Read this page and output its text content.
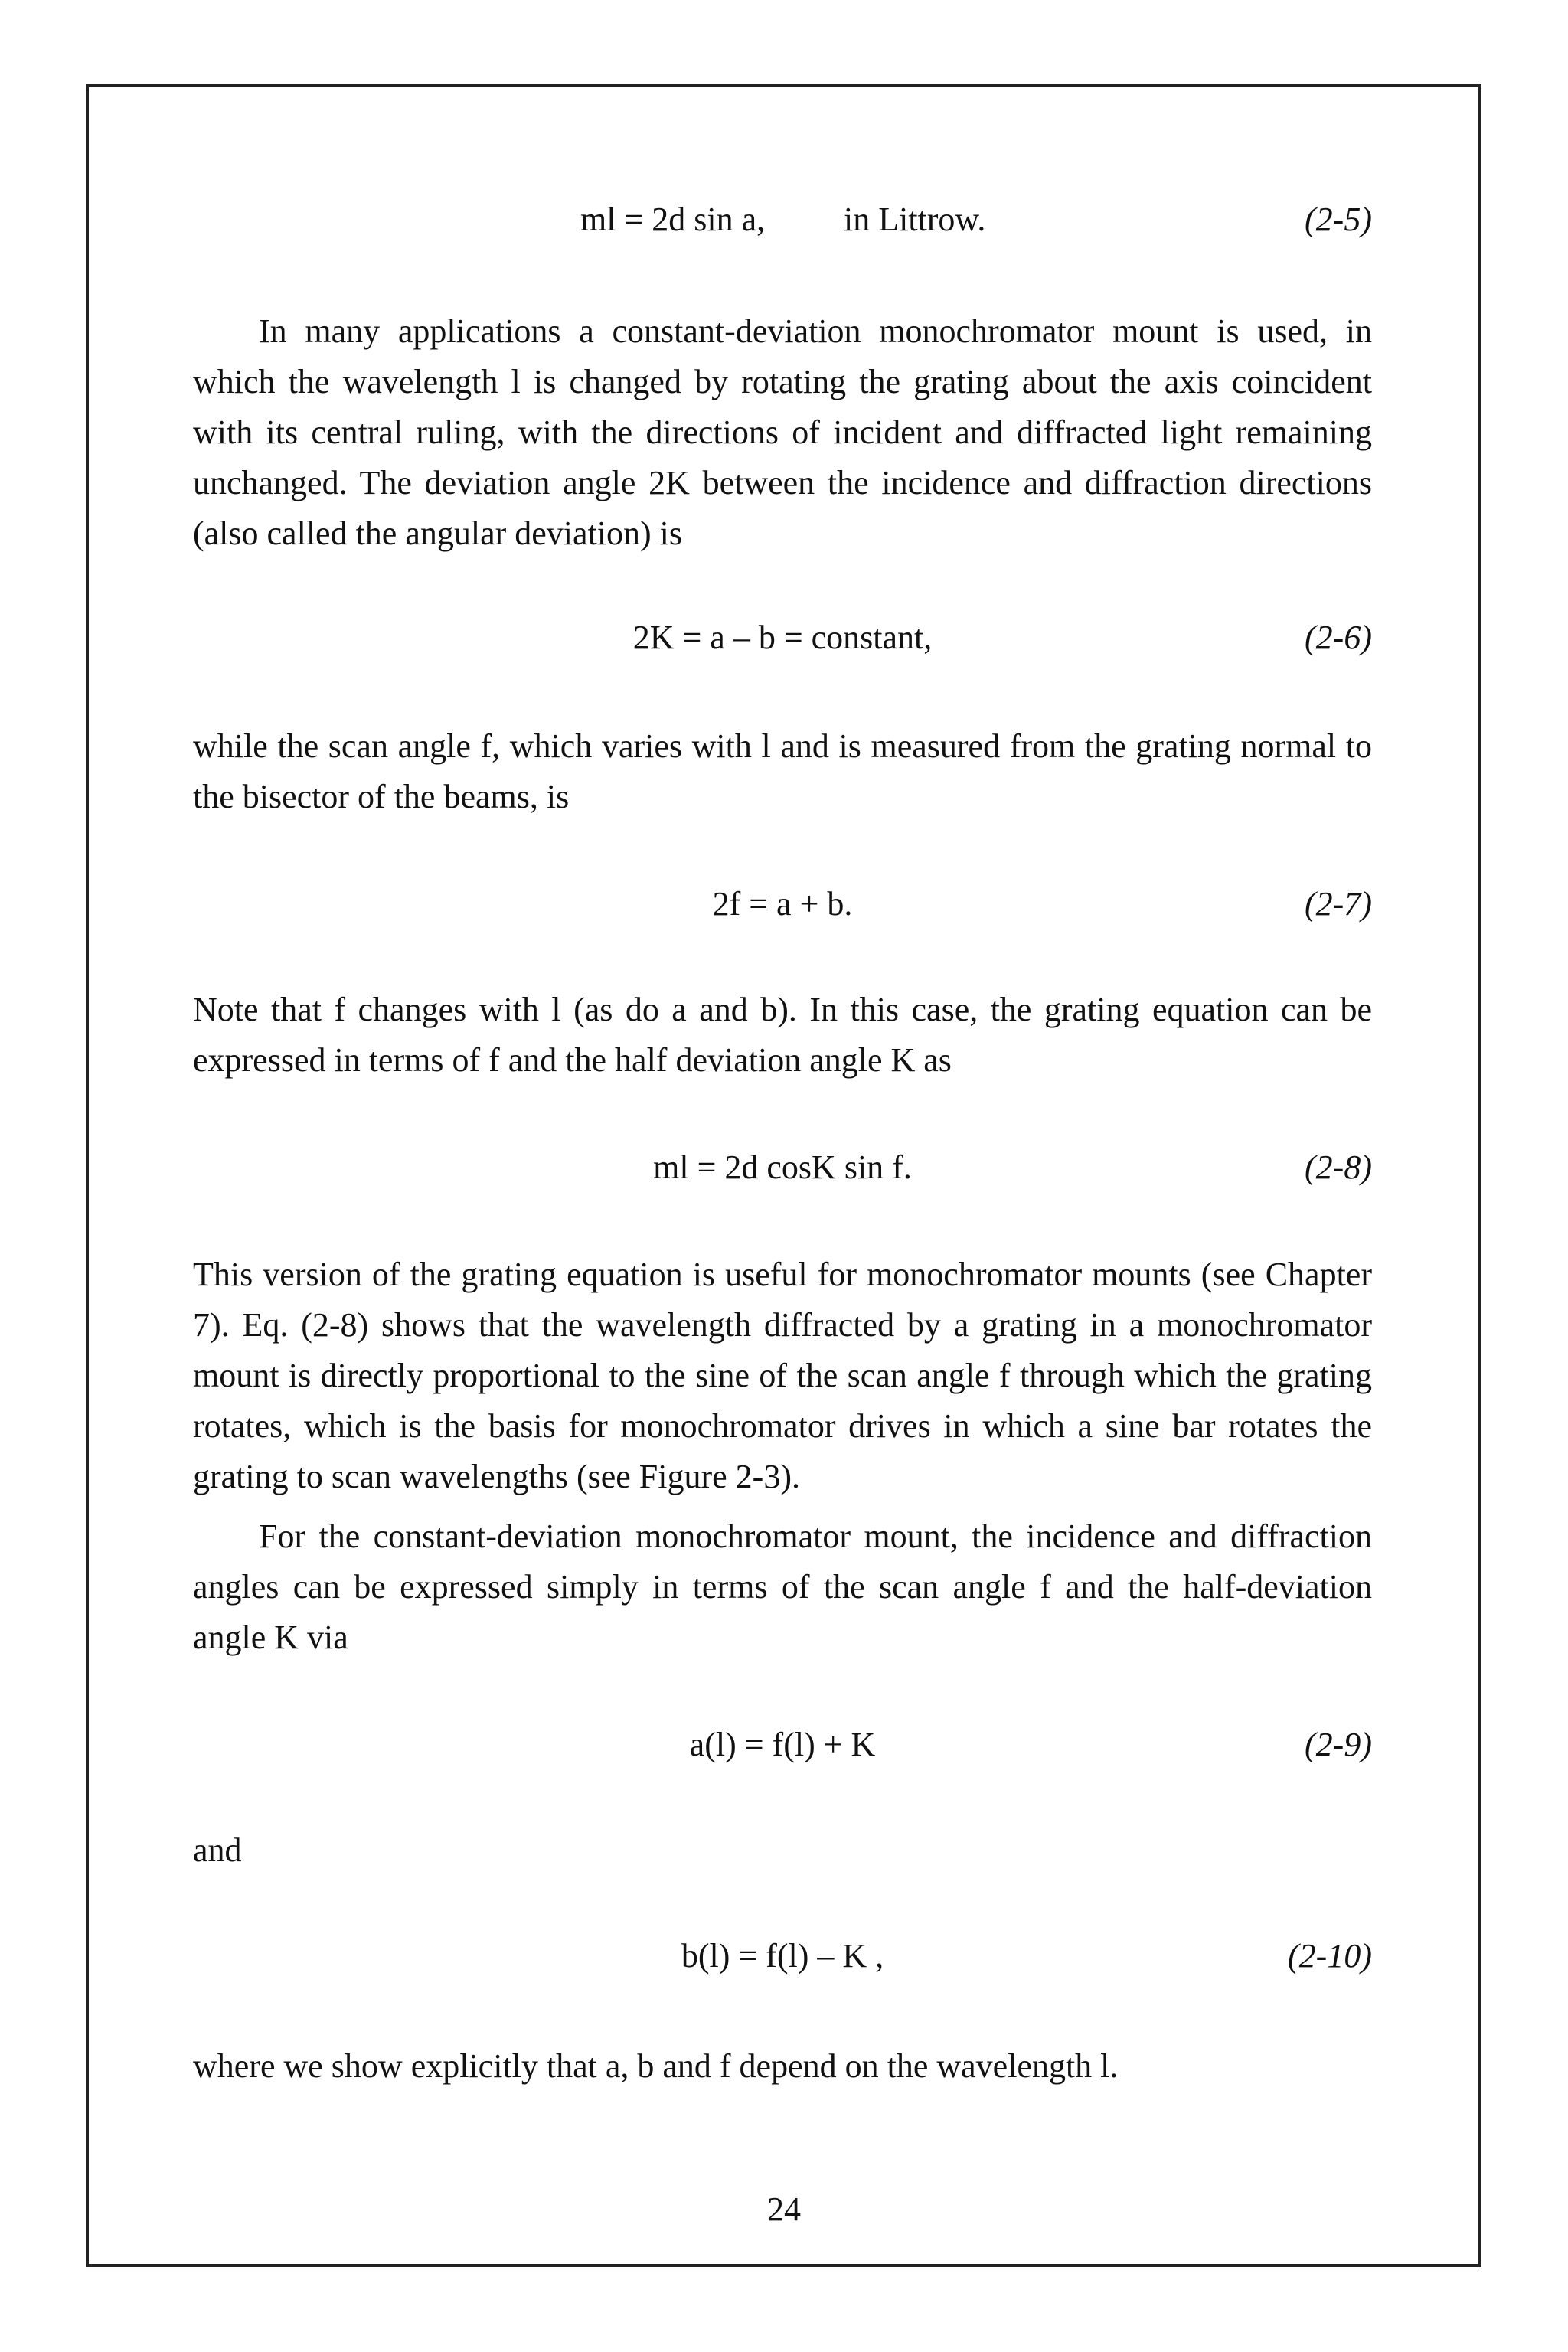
ml = 2d sin a, in Littrow.	(2-5)

In many applications a constant-deviation monochromator mount is used, in which the wavelength l is changed by rotating the grating about the axis coincident with its central ruling, with the directions of incident and diffracted light remaining unchanged. The deviation angle 2K between the incidence and diffraction directions (also called the angular deviation) is

2K = a – b = constant,	(2-6)

while the scan angle f, which varies with l and is measured from the grating normal to the bisector of the beams, is

2f = a + b.	(2-7)

Note that f changes with l (as do a and b). In this case, the grating equation can be expressed in terms of f and the half deviation angle K as

ml = 2d cosK sin f.	(2-8)

This version of the grating equation is useful for monochromator mounts (see Chapter 7). Eq. (2-8) shows that the wavelength diffracted by a grating in a monochromator mount is directly proportional to the sine of the scan angle f through which the grating rotates, which is the basis for monochromator drives in which a sine bar rotates the grating to scan wavelengths (see Figure 2-3).

For the constant-deviation monochromator mount, the incidence and diffraction angles can be expressed simply in terms of the scan angle f and the half-deviation angle K via

a(l) = f(l) + K	(2-9)

and

b(l) = f(l) – K ,	(2-10)

where we show explicitly that a, b and f depend on the wavelength l.

24
